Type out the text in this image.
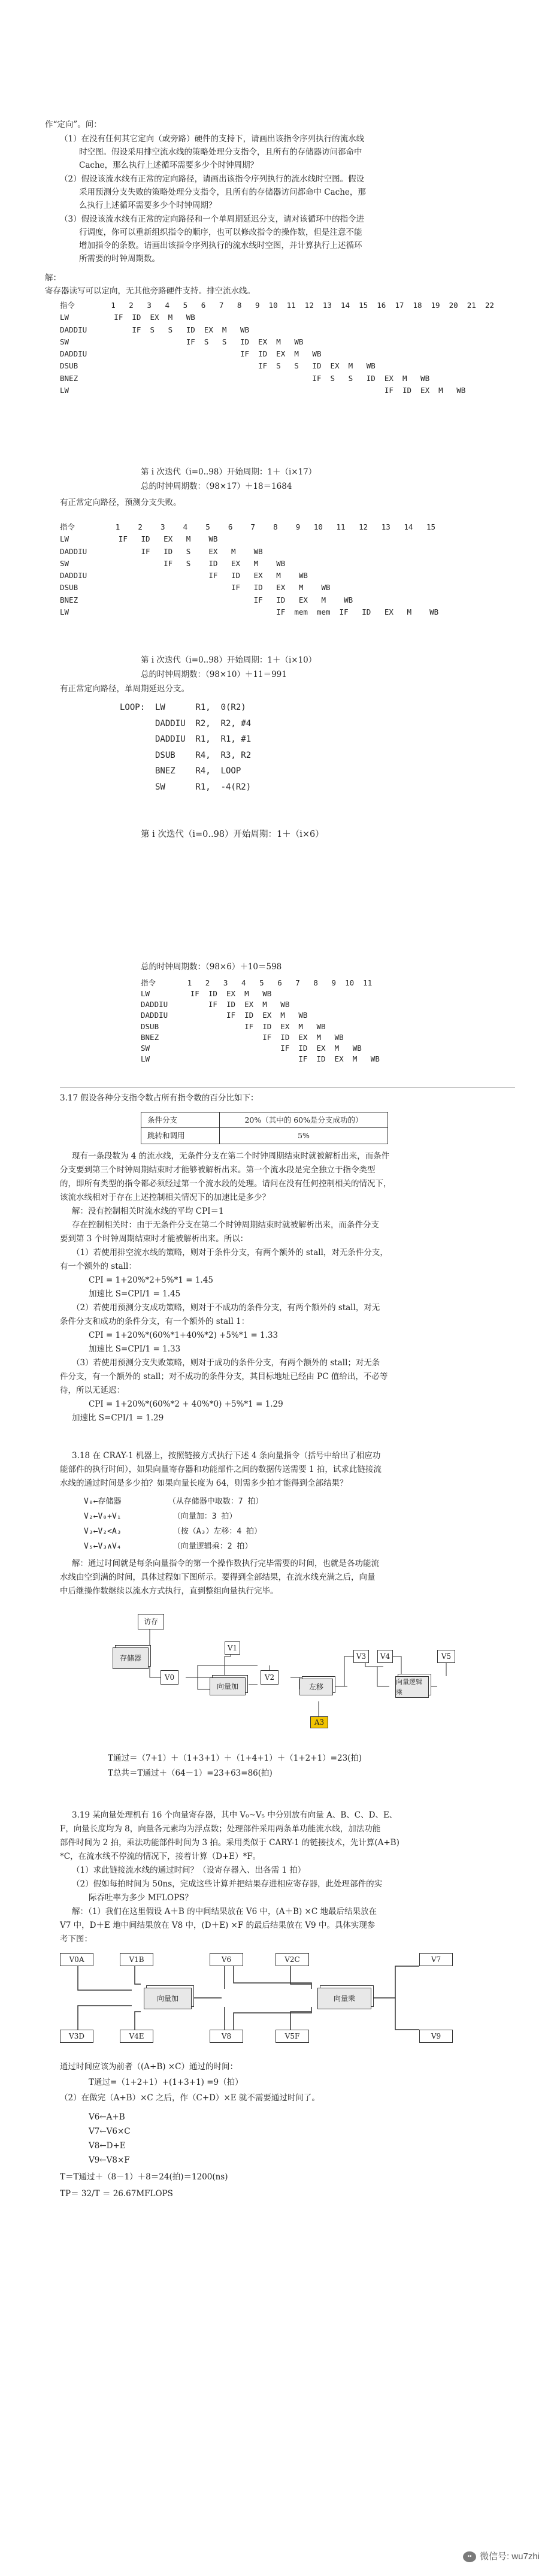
作“定向”。问：

（1）在没有任何其它定向（或旁路）硬件的支持下，请画出该指令序列执行的流水线

时空图。假设采用排空流水线的策略处理分支指令，且所有的存储器访问都命中

Cache，那么执行上述循环需要多少个时钟周期？

（2）假设该流水线有正常的定向路径，请画出该指令序列执行的流水线时空图。假设

采用预测分支失败的策略处理分支指令，且所有的存储器访问都命中 Cache，那

么执行上述循环需要多少个时钟周期？

（3）假设该流水线有正常的定向路径和一个单周期延迟分支，请对该循环中的指令进

行调度，你可以重新组织指令的顺序，也可以修改指令的操作数，但是注意不能

增加指令的条数。请画出该指令序列执行的流水线时空图，并计算执行上述循环

所需要的时钟周期数。

解：

寄存器读写可以定向，无其他旁路硬件支持。排空流水线。

指令        1   2   3   4   5   6   7   8   9  10  11  12  13  14  15  16  17  18  19  20  21  22
LW          IF  ID  EX  M   WB
DADDIU          IF  S   S   ID  EX  M   WB
SW                          IF  S   S   ID  EX  M   WB
DADDIU                                  IF  ID  EX  M   WB
DSUB                                        IF  S   S   ID  EX  M   WB
BNEZ                                                    IF  S   S   ID  EX  M   WB
LW                                                                      IF  ID  EX  M   WB

第 i 次迭代（i=0..98）开始周期：1＋（i×17）

总的时钟周期数：（98×17）＋18＝1684

有正常定向路径，预测分支失败。

指令         1    2    3    4    5    6    7    8    9   10   11   12   13   14   15
LW           IF   ID   EX   M    WB
DADDIU            IF   ID   S    EX   M    WB
SW                     IF   S    ID   EX   M    WB
DADDIU                           IF   ID   EX   M    WB
DSUB                                  IF   ID   EX   M    WB
BNEZ                                       IF   ID   EX   M    WB
LW                                              IF  mem  mem  IF   ID   EX   M    WB

第 i 次迭代（i=0..98）开始周期：1＋（i×10）

总的时钟周期数：（98×10）＋11＝991

有正常定向路径，单周期延迟分支。

LOOP:  LW      R1,  0(R2)
DADDIU  R2,  R2, #4
DADDIU  R1,  R1, #1
DSUB    R4,  R3, R2
BNEZ    R4,  LOOP
SW      R1,  -4(R2)

第 i 次迭代（i=0..98）开始周期：1＋（i×6）

总的时钟周期数：（98×6）＋10＝598

指令       1   2   3   4   5   6   7   8   9  10  11
LW         IF  ID  EX  M   WB
DADDIU         IF  ID  EX  M   WB
DADDIU             IF  ID  EX  M   WB
DSUB                   IF  ID  EX  M   WB
BNEZ                       IF  ID  EX  M   WB
SW                             IF  ID  EX  M   WB
LW                                 IF  ID  EX  M   WB

3.17 假设各种分支指令数占所有指令数的百分比如下：

条件分支	20%（其中的 60%是分支成功的）
跳转和调用	5%

现有一条段数为 4 的流水线，无条件分支在第二个时钟周期结束时就被解析出来，而条件

分支要到第三个时钟周期结束时才能够被解析出来。第一个流水段是完全独立于指令类型

的，即所有类型的指令都必须经过第一个流水段的处理。请问在没有任何控制相关的情况下，

该流水线相对于存在上述控制相关情况下的加速比是多少？

解：没有控制相关时流水线的平均 CPI＝1

存在控制相关时：由于无条件分支在第二个时钟周期结束时就被解析出来，而条件分支

要到第 3 个时钟周期结束时才能被解析出来。所以：

（1）若使用排空流水线的策略，则对于条件分支，有两个额外的 stall，对无条件分支，

有一个额外的 stall：

CPI = 1+20%*2+5%*1 = 1.45

加速比 S=CPI/1 = 1.45

（2）若使用预测分支成功策略，则对于不成功的条件分支，有两个额外的 stall，对无

条件分支和成功的条件分支，有一个额外的 stall 1：

CPI = 1+20%*(60%*1+40%*2) +5%*1 = 1.33

加速比 S=CPI/1 = 1.33

（3）若使用预测分支失败策略，则对于成功的条件分支，有两个额外的 stall；对无条

件分支，有一个额外的 stall；对不成功的条件分支，其目标地址已经由 PC 值给出，不必等

待，所以无延迟：

CPI = 1+20%*(60%*2 + 40%*0) +5%*1 = 1.29

加速比 S=CPI/1 = 1.29

3.18 在 CRAY-1 机器上，按照链接方式执行下述 4 条向量指令（括号中给出了相应功

能部件的执行时间），如果向量寄存器和功能部件之间的数据传送需要 1 拍，试求此链接流

水线的通过时间是多少拍？如果向量长度为 64，则需多少拍才能得到全部结果？

V₀←存储器          （从存储器中取数：7 拍）
V₂←V₀+V₁           （向量加：3 拍）
V₃←V₂<A₃           （按（A₃）左移：4 拍）
V₅←V₃∧V₄           （向量逻辑乘：2 拍）

解：通过时间就是每条向量指令的第一个操作数执行完毕需要的时间，也就是各功能流

水线由空到满的时间，具体过程如下图所示。要得到全部结果，在流水线充满之后，向量

中后继操作数继续以流水方式执行，直到整组向量执行完毕。

访存
存储器
V0
V1
向量加
V2
左移
A3
V3	V4
向量逻辑乘
V5

T通过＝（7+1）＋（1+3+1）＋（1+4+1）＋（1+2+1）=23(拍)

T总共＝T通过＋（64－1）=23+63=86(拍)

3.19 某向量处理机有 16 个向量寄存器，其中 V₀~V₅ 中分别放有向量 A、B、C、D、E、

F，向量长度均为 8，向量各元素均为浮点数；处理部件采用两条单功能流水线，加法功能

部件时间为 2 拍，乘法功能部件时间为 3 拍。采用类似于 CARY-1 的链接技术，先计算(A+B)

*C，在流水线不停流的情况下，接着计算（D+E）*F。

（1）求此链接流水线的通过时间？（设寄存器入、出各需 1 拍）

（2）假如每拍时间为 50ns，完成这些计算并把结果存进相应寄存器，此处理部件的实

际吞吐率为多少 MFLOPS？

解：（1）我们在这里假设 A＋B 的中间结果放在 V6 中，(A＋B) ×C 地最后结果放在

V7 中，D＋E 地中间结果放在 V8 中，(D＋E) ×F 的最后结果放在 V9 中。具体实现参

考下图：

V0A	V1B	V6	V2C	V7
向量加	向量乘
V3D	V4E	V8	V5F	V9

通过时间应该为前者（(A+B) ×C）通过的时间：

T通过=（1+2+1）+(1+3+1) =9（拍）

（2）在做完（A+B）×C 之后，作（C+D）×E 就不需要通过时间了。

V6←A+B

V7←V6×C

V8←D+E

V9←V8×F

T＝T通过＋（8－1）＋8＝24(拍)＝1200(ns)

TP＝ 32/T ＝ 26.67MFLOPS

•• 微信号: wu7zhi
